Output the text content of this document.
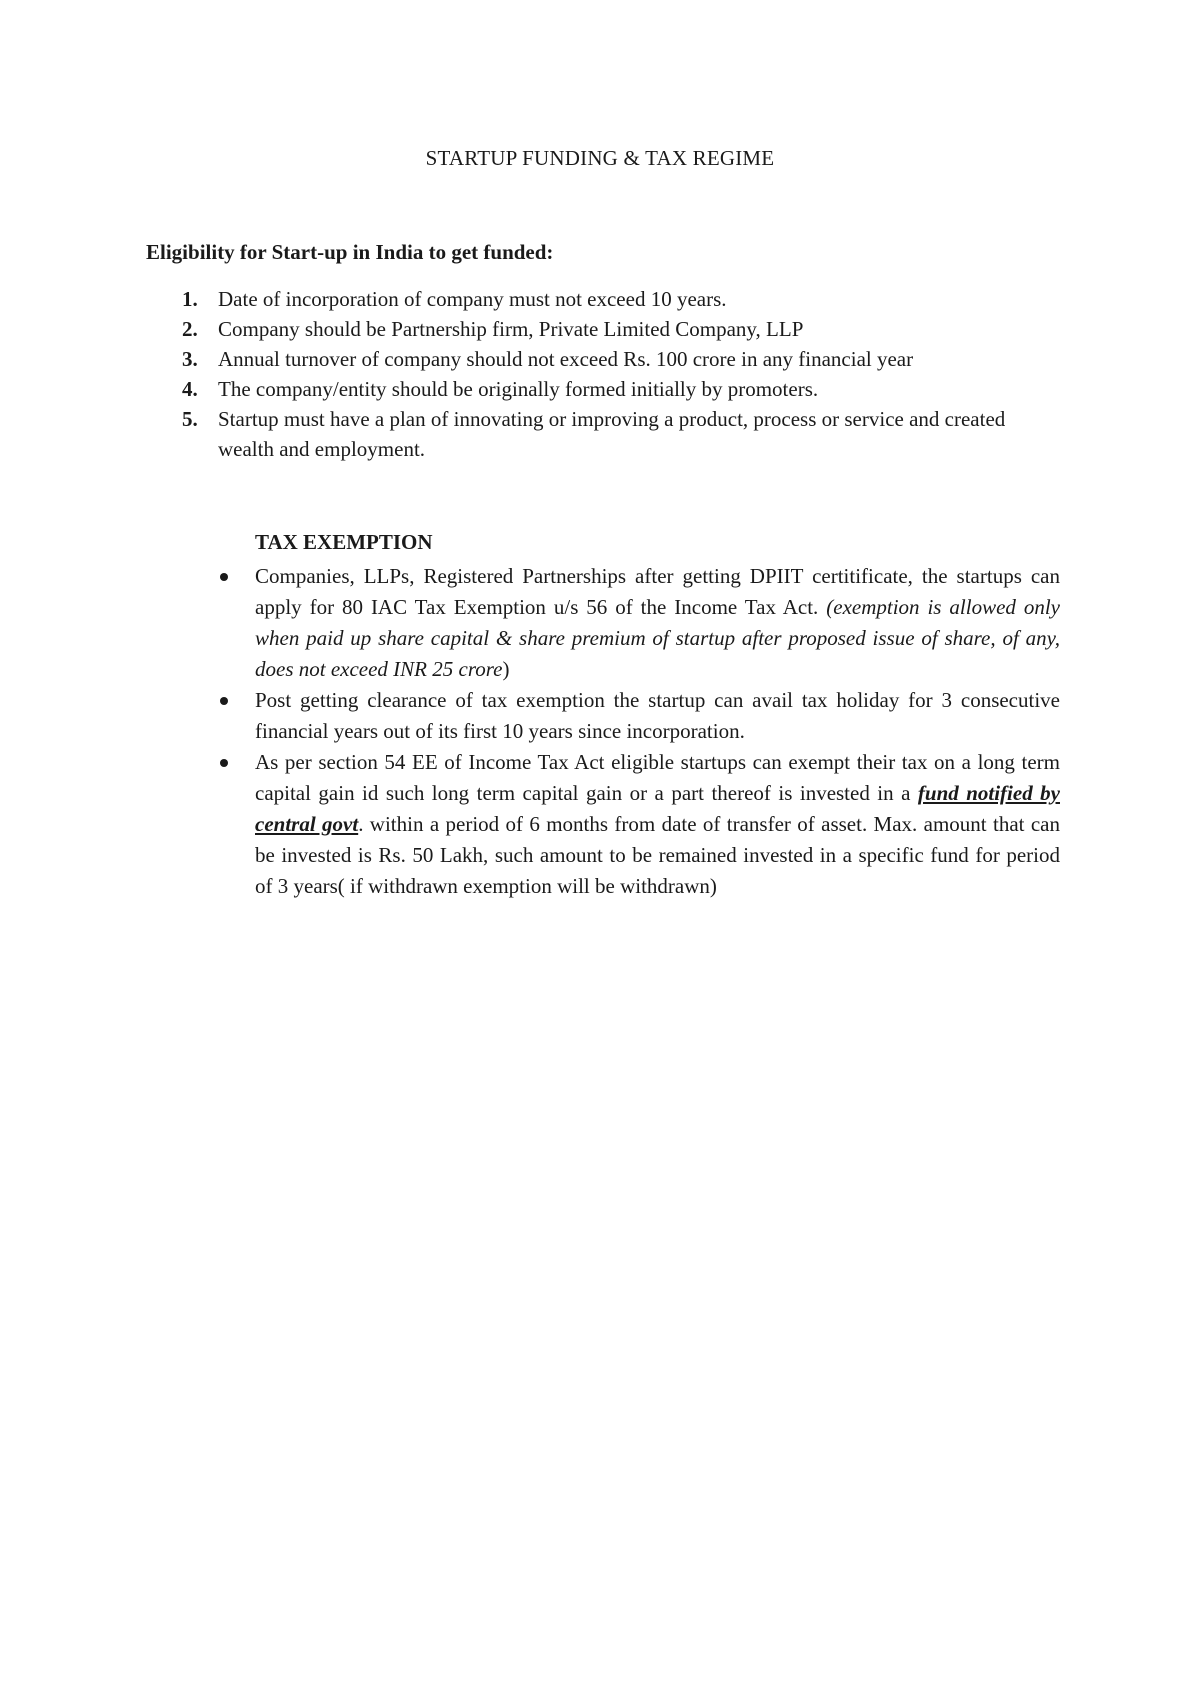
STARTUP FUNDING & TAX REGIME
Eligibility for Start-up in India to get funded:
1. Date of incorporation of company must not exceed 10 years.
2. Company should be Partnership firm, Private Limited Company, LLP
3. Annual turnover of company should not exceed Rs. 100 crore in any financial year
4. The company/entity should be originally formed initially by promoters.
5. Startup must have a plan of innovating or improving a product, process or service and created wealth and employment.
TAX EXEMPTION
Companies, LLPs, Registered Partnerships after getting DPIIT certitificate, the startups can apply for 80 IAC Tax Exemption u/s 56 of the Income Tax Act. (exemption is allowed only when paid up share capital & share premium of startup after proposed issue of share, of any, does not exceed INR 25 crore)
Post getting clearance of tax exemption the startup can avail tax holiday for 3 consecutive financial years out of its first 10 years since incorporation.
As per section 54 EE of Income Tax Act eligible startups can exempt their tax on a long term capital gain id such long term capital gain or a part thereof is invested in a fund notified by central govt. within a period of 6 months from date of transfer of asset. Max. amount that can be invested is Rs. 50 Lakh, such amount to be remained invested in a specific fund for period of 3 years( if withdrawn exemption will be withdrawn)
